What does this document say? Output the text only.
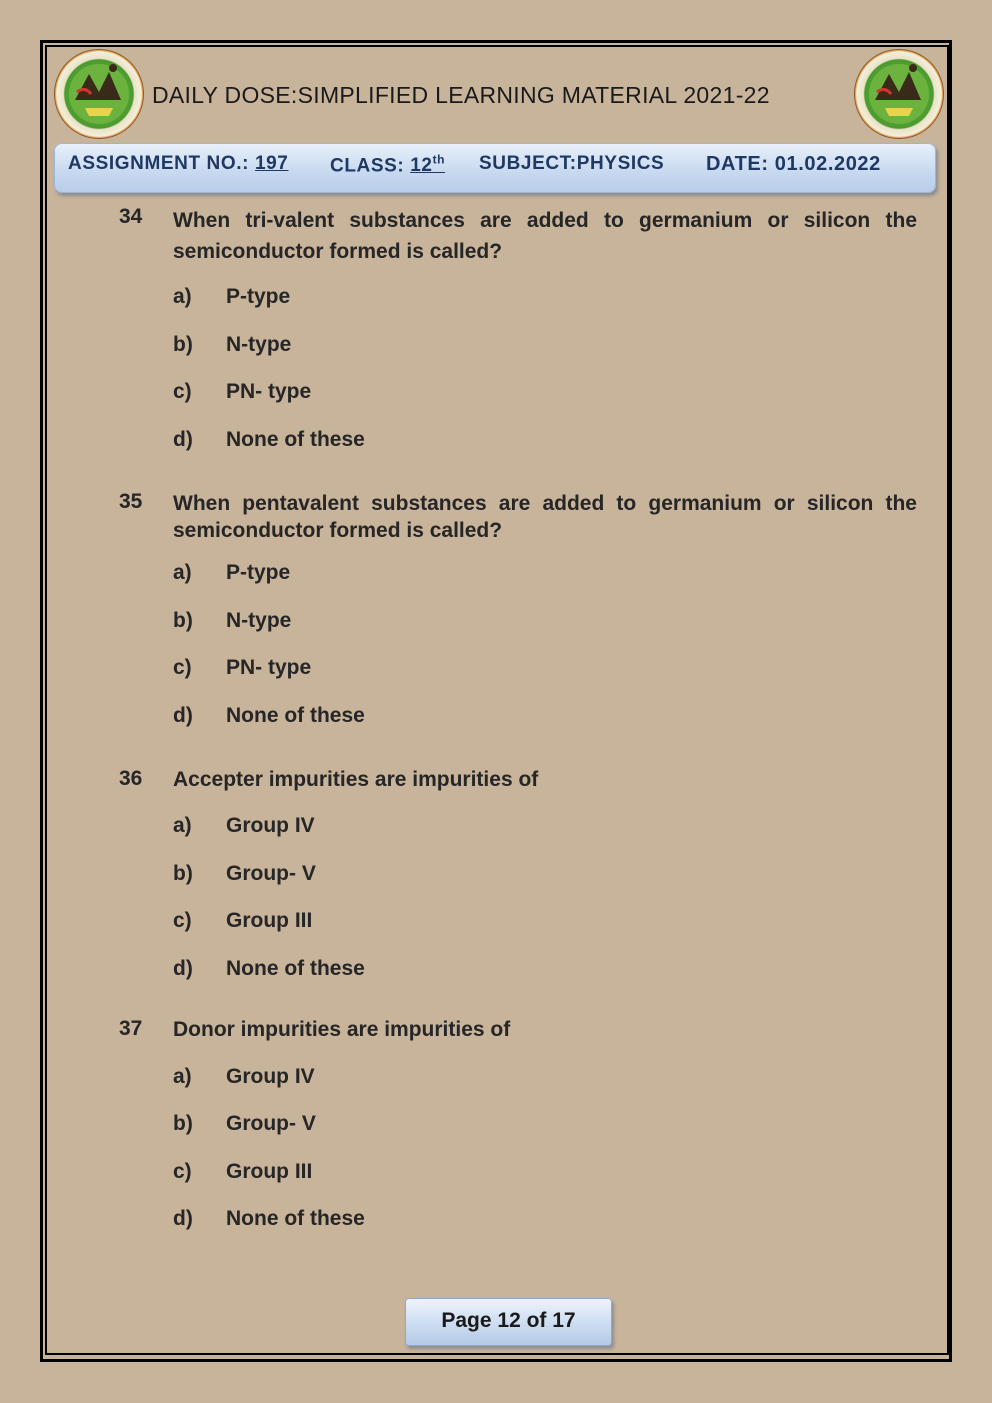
DAILY DOSE:SIMPLIFIED LEARNING MATERIAL 2021-22
ASSIGNMENT NO.: 197 CLASS: 12th SUBJECT:PHYSICS DATE: 01.02.2022
34 When tri-valent substances are added to germanium or silicon the semiconductor formed is called?
a) P-type
b) N-type
c) PN- type
d) None of these
35 When pentavalent substances are added to germanium or silicon the semiconductor formed is called?
a) P-type
b) N-type
c) PN- type
d) None of these
36 Accepter impurities are impurities of
a) Group IV
b) Group- V
c) Group III
d) None of these
37 Donor impurities are impurities of
a) Group IV
b) Group- V
c) Group III
d) None of these
Page 12 of 17
